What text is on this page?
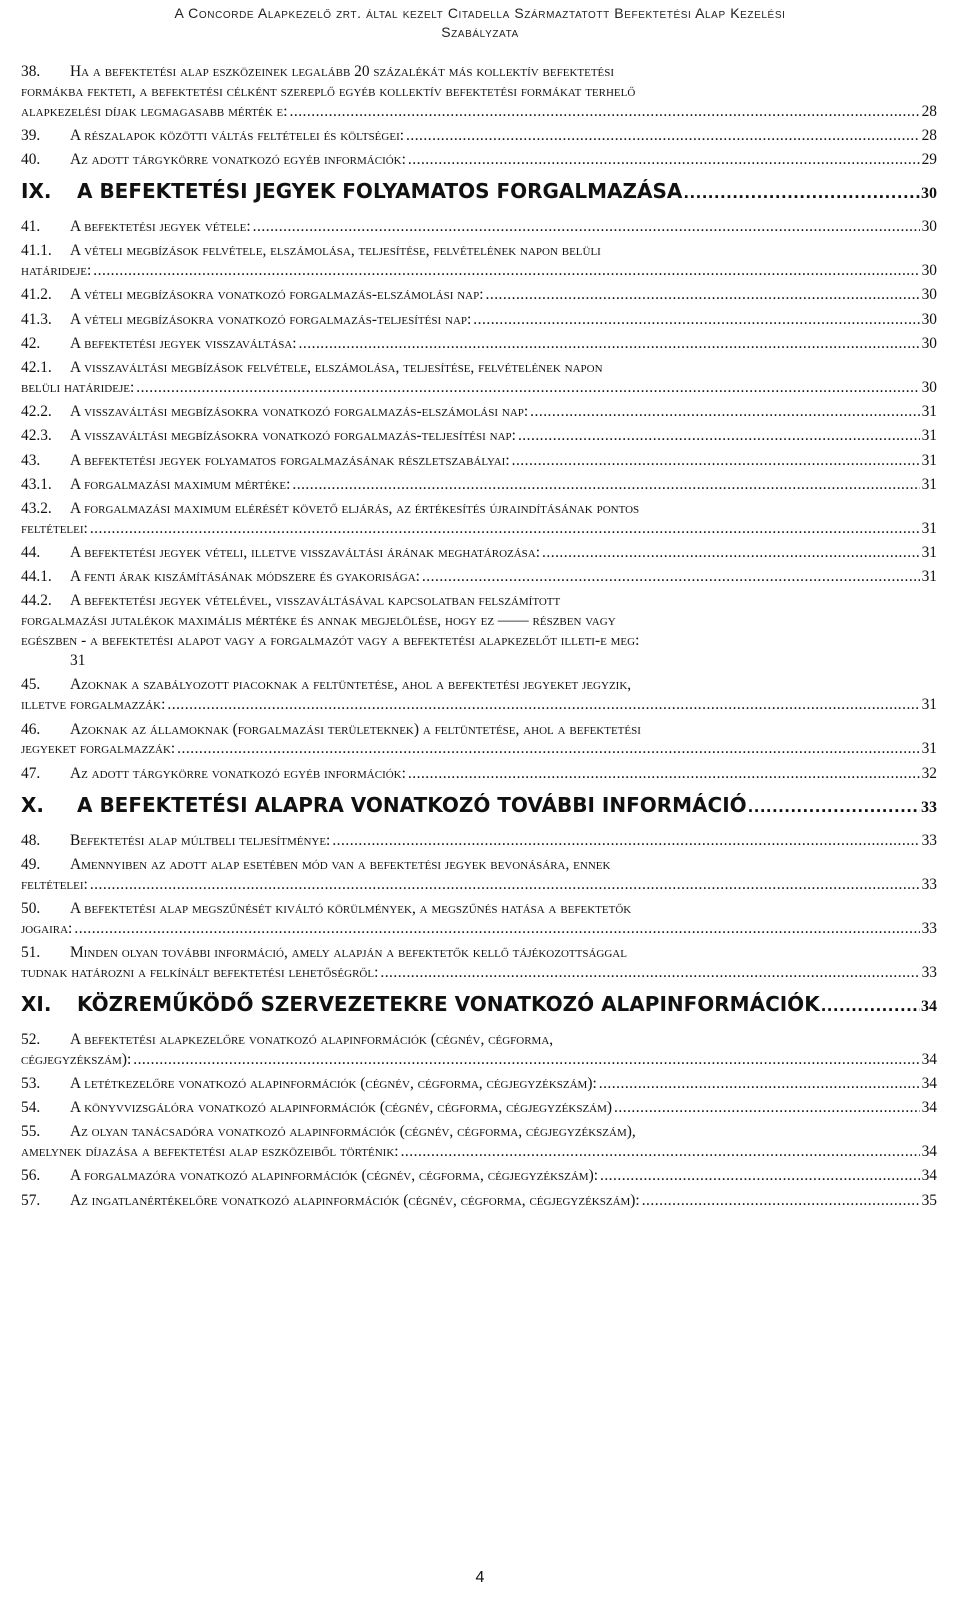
A Concorde Alapkezelő zrt. által kezelt Citadella Származtatott Befektetési Alap Kezelési
Szabályzata
38. Ha a befektetési alap eszközeinek legalább 20 százalékát más kollektív befektetési
formákba fekteti, a befektetési célként szereplő egyéb kollektív befektetési formákat terhelő
alapkezelési díjak legmagasabb mérték e: .....	28
39.	A részalapok közötti váltás feltételei és költségei: .....	28
40.	Az adott tárgykörre vonatkozó egyéb információk: .....	29
IX.	A BEFEKTETÉSI JEGYEK FOLYAMATOS FORGALMAZÁSA .....	30
41.	A befektetési jegyek vétele: .....	30
41.1. A vételi megbízások felvétele, elszámolása, teljesítése, felvételének napon belüli
határideje: .....	30
41.2.	A vételi megbízásokra vonatkozó forgalmazás-elszámolási nap: .....	30
41.3.	A vételi megbízásokra vonatkozó forgalmazás-teljesítési nap: .....	30
42.	A befektetési jegyek visszaváltása: .....	30
42.1. A visszaváltási megbízások felvétele, elszámolása, teljesítése, felvételének napon
belüli határideje: .....	30
42.2.	A visszaváltási megbízásokra vonatkozó forgalmazás-elszámolási nap: .....	31
42.3.	A visszaváltási megbízásokra vonatkozó forgalmazás-teljesítési nap: .....	31
43.	A befektetési jegyek folyamatos forgalmazásának részletszabályai: .....	31
43.1.	A forgalmazási maximum mértéke: .....	31
43.2. A forgalmazási maximum elérését követő eljárás, az értékesítés újraindításának pontos
feltételei: .....	31
44.	A befektetési jegyek vételi, illetve visszaváltási árának meghatározása: .....	31
44.1.	A fenti árak kiszámításának módszere és gyakorisága: .....	31
44.2. A befektetési jegyek vételével, visszaváltásával kapcsolatban felszámított
forgalmazási jutalékok maximális mértéke és annak megjelölése, hogy ez —— részben vagy
egészben - a befektetési alapot vagy a forgalmazót vagy a befektetési alapkezelőt illeti-e meg:
31
45. Azoknak a szabályozott piacoknak a feltüntetése, ahol a befektetési jegyeket jegyzik,
illetve forgalmazzák: .....	31
46. Azoknak az államoknak (forgalmazási területeknek) a feltüntetése, ahol a befektetési
jegyeket forgalmazzák: .....	31
47.	Az adott tárgykörre vonatkozó egyéb információk: .....	32
X.	A BEFEKTETÉSI ALAPRA VONATKOZÓ TOVÁBBI INFORMÁCIÓ .....	33
48.	Befektetési alap múltbeli teljesítménye: .....	33
49. Amennyiben az adott alap esetében mód van a befektetési jegyek bevonására, ennek
feltételei: .....	33
50. A befektetési alap megszűnését kiváltó körülmények, a megszűnés hatása a befektetők
jogaira: .....	33
51. Minden olyan további információ, amely alapján a befektetők kellő tájékozottsággal
tudnak határozni a felkínált befektetési lehetőségről: .....	33
XI.	KÖZREMŰKÖDŐ SZERVEZETEKRE VONATKOZÓ ALAPINFORMÁCIÓK .....	34
52. A befektetési alapkezelőre vonatkozó alapinformációk (cégnév, cégforma,
cégjegyzékszám): .....	34
53.	A letétkezelőre vonatkozó alapinformációk (cégnév, cégforma, cégjegyzékszám): .....	34
54.	A könyvvizsgálóra vonatkozó alapinformációk (cégnév, cégforma, cégjegyzékszám) .....	34
55. Az olyan tanácsadóra vonatkozó alapinformációk (cégnév, cégforma, cégjegyzékszám),
amelynek díjazása a befektetési alap eszközeiből történik: .....	34
56.	A forgalmazóra vonatkozó alapinformációk (cégnév, cégforma, cégjegyzékszám): .....	34
57.	Az ingatlanértékelőre vonatkozó alapinformációk (cégnév, cégforma, cégjegyzékszám): .....	35
4
